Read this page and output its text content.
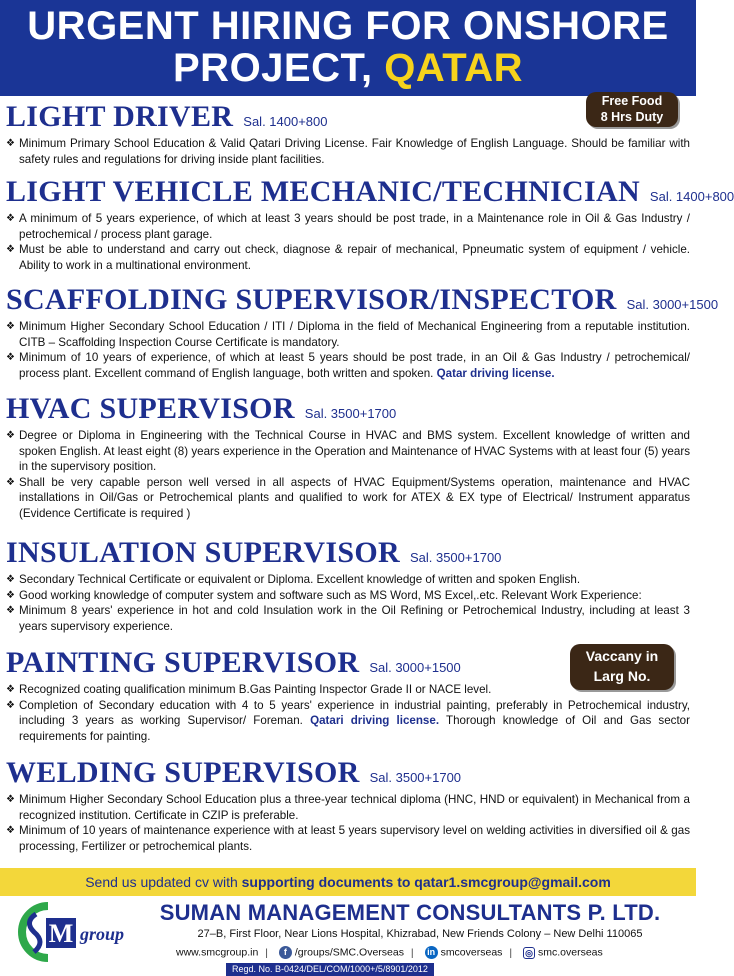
URGENT HIRING FOR ONSHORE
PROJECT, QATAR
Free Food
8 Hrs Duty
Vaccany in
Larg No.
LIGHT DRIVER Sal. 1400+800
❖ Minimum Primary School Education & Valid Qatari Driving License. Fair Knowledge of English Language. Should be familiar with safety rules and regulations for driving inside plant facilities.
LIGHT VEHICLE MECHANIC/TECHNICIAN Sal. 1400+800
❖ A minimum of 5 years experience, of which at least 3 years should be post trade, in a Maintenance role in Oil & Gas Industry / petrochemical / process plant garage.
❖ Must be able to understand and carry out check, diagnose & repair of mechanical, Ppneumatic system of equipment / vehicle. Ability to work in a multinational environment.
SCAFFOLDING SUPERVISOR/INSPECTOR Sal. 3000+1500
❖ Minimum Higher Secondary School Education / ITI / Diploma in the field of Mechanical Engineering from a reputable institution. CITB – Scaffolding Inspection Course Certificate is mandatory.
❖ Minimum of 10 years of experience, of which at least 5 years should be post trade, in an Oil & Gas Industry / petrochemical/ process plant. Excellent command of English language, both written and spoken. Qatar driving license.
HVAC SUPERVISOR Sal. 3500+1700
❖ Degree or Diploma in Engineering with the Technical Course in HVAC and BMS system. Excellent knowledge of written and spoken English. At least eight (8) years experience in the Operation and Maintenance of HVAC Systems with at least four (5) years in the supervisory position.
❖ Shall be very capable person well versed in all aspects of HVAC Equipment/Systems operation, maintenance and HVAC installations in Oil/Gas or Petrochemical plants and qualified to work for ATEX & EX type of Electrical/ Instrument apparatus (Evidence Certificate is required )
INSULATION SUPERVISOR Sal. 3500+1700
❖ Secondary Technical Certificate or equivalent or Diploma. Excellent knowledge of written and spoken English.
❖ Good working knowledge of computer system and software such as MS Word, MS Excel,.etc. Relevant Work Experience:
❖ Minimum 8 years' experience in hot and cold Insulation work in the Oil Refining or Petrochemical Industry, including at least 3 years supervisory experience.
PAINTING SUPERVISOR Sal. 3000+1500
❖ Recognized coating qualification minimum B.Gas Painting Inspector Grade II or NACE level.
❖ Completion of Secondary education with 4 to 5 years' experience in industrial painting, preferably in Petrochemical industry, including 3 years as working Supervisor/ Foreman. Qatari driving license. Thorough knowledge of Oil and Gas sector requirements for painting.
WELDING SUPERVISOR Sal. 3500+1700
❖ Minimum Higher Secondary School Education plus a three-year technical diploma (HNC, HND or equivalent) in Mechanical from a recognized institution. Certificate in CZIP is preferable.
❖ Minimum of 10 years of maintenance experience with at least 5 years supervisory level on welding activities in diversified oil & gas processing, Fertilizer or petrochemical plants.
Send us updated cv with supporting documents to qatar1.smcgroup@gmail.com
M group
SUMAN MANAGEMENT CONSULTANTS P. LTD.
27–B, First Floor, Near Lions Hospital, Khizrabad, New Friends Colony – New Delhi 110065
www.smcgroup.in | f /groups/SMC.Overseas | in smcoverseas | ◎ smc.overseas
Regd. No. B-0424/DEL/COM/1000+/5/8901/2012
